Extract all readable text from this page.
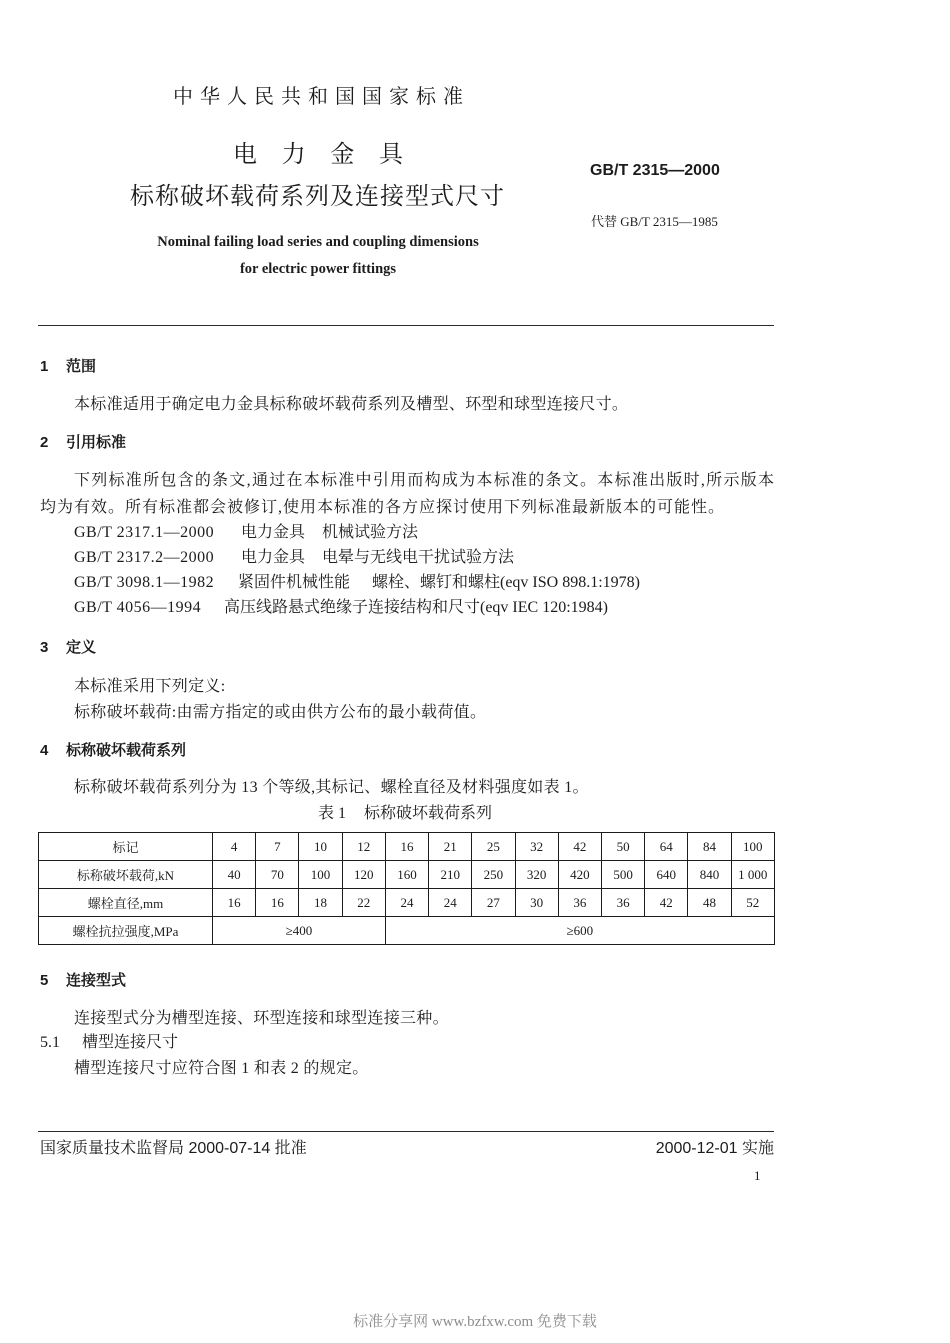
中华人民共和国国家标准
电 力 金 具
标称破坏载荷系列及连接型式尺寸
Nominal failing load series and coupling dimensions
for electric power fittings
GB/T 2315—2000
代替 GB/T 2315—1985
1 范围
本标准适用于确定电力金具标称破坏载荷系列及槽型、环型和球型连接尺寸。
2 引用标准
下列标准所包含的条文,通过在本标准中引用而构成为本标准的条文。本标准出版时,所示版本均为有效。所有标准都会被修订,使用本标准的各方应探讨使用下列标准最新版本的可能性。
GB/T 2317.1—2000 电力金具 机械试验方法
GB/T 2317.2—2000 电力金具 电晕与无线电干扰试验方法
GB/T 3098.1—1982 紧固件机械性能 螺栓、螺钉和螺柱(eqv ISO 898.1:1978)
GB/T 4056—1994 高压线路悬式绝缘子连接结构和尺寸(eqv IEC 120:1984)
3 定义
本标准采用下列定义:
标称破坏载荷:由需方指定的或由供方公布的最小载荷值。
4 标称破坏载荷系列
标称破坏载荷系列分为 13 个等级,其标记、螺栓直径及材料强度如表 1。
表 1 标称破坏载荷系列
标记	4	7	10	12	16	21	25	32	42	50	64	84	100
标称破坏载荷,kN	40	70	100	120	160	210	250	320	420	500	640	840	1 000
螺栓直径,mm	16	16	18	22	24	24	27	30	36	36	42	48	52
螺栓抗拉强度,MPa	≥400				≥600								
5 连接型式
连接型式分为槽型连接、环型连接和球型连接三种。
5.1 槽型连接尺寸
槽型连接尺寸应符合图 1 和表 2 的规定。
国家质量技术监督局 2000-07-14 批准	2000-12-01 实施
1
标准分享网 www.bzfxw.com 免费下载
